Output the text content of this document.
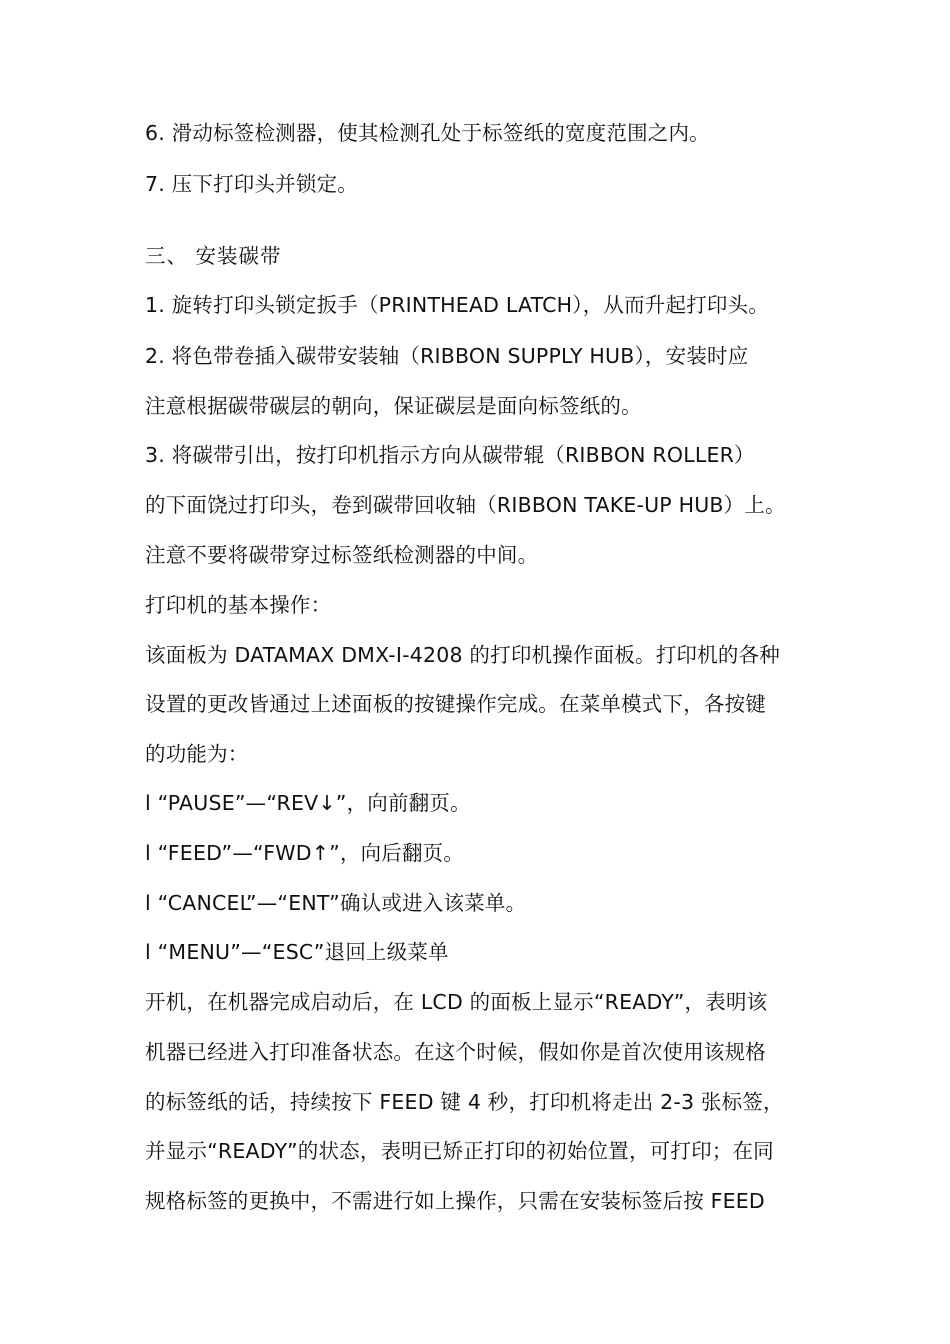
6. 滑动标签检测器，使其检测孔处于标签纸的宽度范围之内。
7. 压下打印头并锁定。
三、 安装碳带
1. 旋转打印头锁定扳手（PRINTHEAD LATCH），从而升起打印头。
2. 将色带卷插入碳带安装轴（RIBBON SUPPLY HUB），安装时应
注意根据碳带碳层的朝向，保证碳层是面向标签纸的。
3. 将碳带引出，按打印机指示方向从碳带辊（RIBBON ROLLER）
的下面饶过打印头，卷到碳带回收轴（RIBBON TAKE-UP HUB）上。
注意不要将碳带穿过标签纸检测器的中间。
打印机的基本操作：
该面板为 DATAMAX DMX-I-4208 的打印机操作面板。打印机的各种
设置的更改皆通过上述面板的按键操作完成。在菜单模式下，各按键
的功能为：
l “PAUSE”—“REV↓”，向前翻页。
l “FEED”—“FWD↑”，向后翻页。
l “CANCEL”—“ENT”确认或进入该菜单。
l “MENU”—“ESC”退回上级菜单
开机，在机器完成启动后，在 LCD 的面板上显示“READY”，表明该
机器已经进入打印准备状态。在这个时候，假如你是首次使用该规格
的标签纸的话，持续按下 FEED 键 4 秒，打印机将走出 2-3 张标签，
并显示“READY”的状态，表明已矫正打印的初始位置，可打印；在同
规格标签的更换中，不需进行如上操作，只需在安装标签后按 FEED
